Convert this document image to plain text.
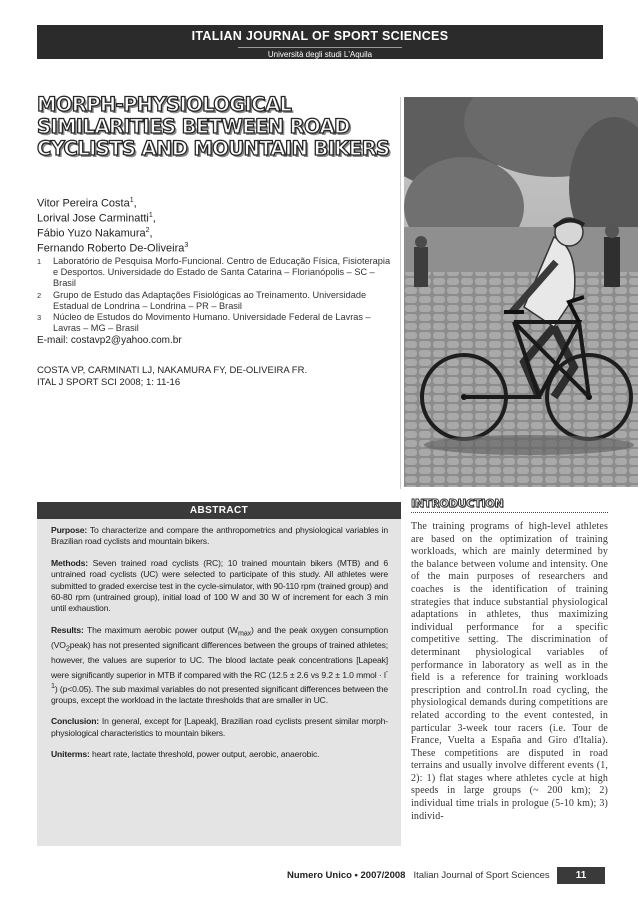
ITALIAN JOURNAL OF SPORT SCIENCES
Università degli studi L'Aquila
MORPH-PHYSIOLOGICAL
SIMILARITIES BETWEEN ROAD
CYCLISTS AND MOUNTAIN BIKERS
Vitor Pereira Costa$^1$,
Lorival Jose Carminatti$^1$,
Fábio Yuzo Nakamura$^2$,
Fernando Roberto De-Oliveira$^3$
1 Laboratório de Pesquisa Morfo-Funcional. Centro de Educação Física, Fisioterapia e Desportos. Universidade do Estado de Santa Catarina – Florianópolis – SC – Brasil
2 Grupo de Estudo das Adaptações Fisiológicas ao Treinamento. Universidade Estadual de Londrina – Londrina – PR – Brasil
3 Núcleo de Estudos do Movimento Humano. Universidade Federal de Lavras – Lavras – MG – Brasil
E-mail: costavp2@yahoo.com.br
COSTA VP, CARMINATI LJ, NAKAMURA FY, DE-OLIVEIRA FR.
ITAL J SPORT SCI 2008; 1: 11-16
ABSTRACT

Purpose: To characterize and compare the anthropometrics and physiological variables in Brazilian road cyclists and mountain bikers.

Methods: Seven trained road cyclists (RC); 10 trained mountain bikers (MTB) and 6 untrained road cyclists (UC) were selected to participate of this study. All athletes were submitted to graded exercise test in the cycle-simulator, with 90-110 rpm (trained group) and 60-80 rpm (untrained group), initial load of 100 W and 30 W of increment for each 3 min until exhaustion.

Results: The maximum aerobic power output $(W_{max})$ and the peak oxygen consumption $(VO_2peak)$ has not presented significant differences between the groups of trained athletes; however, the values are superior to UC. The blood lactate peak concentrations [Lapeak] were significantly superior in MTB if compared with the RC (12.5 ± 2.6 vs 9.2 ± 1.0 mmol · $l^{-1}$) (p<0.05). The sub maximal variables do not presented significant differences between the groups, except the workload in the lactate thresholds that are smaller in UC.

Conclusion: In general, except for [Lapeak], Brazilian road cyclists present similar morph-physiological characteristics to mountain bikers.

Uniterms: heart rate, lactate threshold, power output, aerobic, anaerobic.

INTRODUCTION

The training programs of high-level athletes are based on the optimization of training workloads, which are mainly determined by the balance between volume and intensity. One of the main purposes of researchers and coaches is the identification of training strategies that induce substantial physiological adaptations in athletes, thus maximizing individual performance for a specific competitive setting. The discrimination of determinant physiological variables of performance in laboratory as well as in the field is a reference for training workloads prescription and control.In road cycling, the physiological demands during competitions are related according to the event contested, in particular 3-week tour racers (i.e. Tour de France, Vuelta a España and Giro d'Italia). These competitions are disputed in road terrains and usually involve different events (1, 2): 1) flat stages where athletes cycle at high speeds in large groups (~ 200 km); 2) individual time trials in prologue (5-10 km); 3) individ-

Numero Unico • 2007/2008 Italian Journal of Sport Sciences	11
